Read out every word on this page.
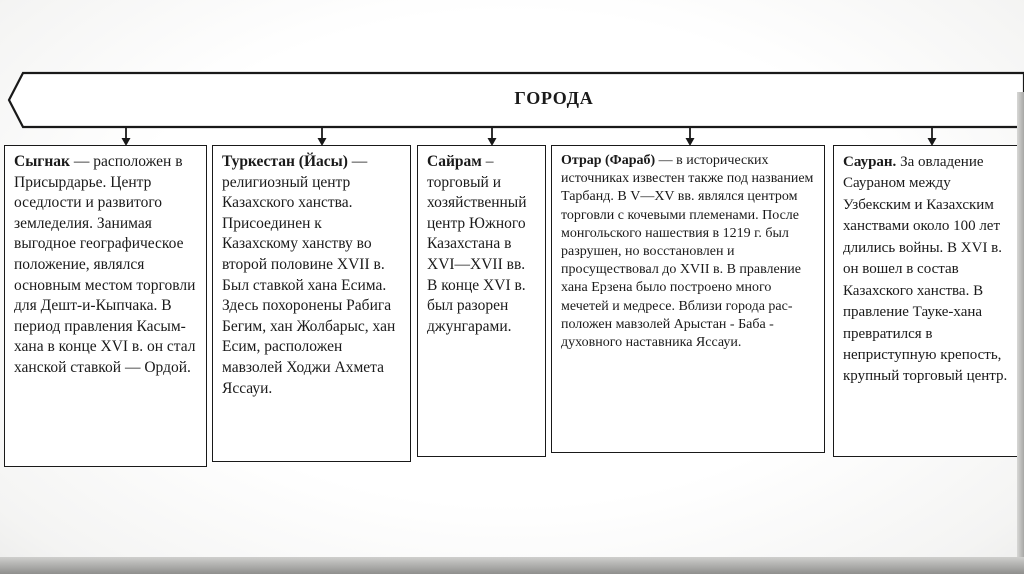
ГОРОДА

Сыгнак — расположен в Присырдарье. Центр оседлости и развитого земледелия. Занимая выгодное географическое положение, являлся основным местом торговли для Дешт-и-Кыпчака. В период правления Касым-хана в конце XVI в. он стал ханской ставкой — Ордой.

Туркестан (Йасы) — религиозный центр Казахского ханства. Присоединен к Казахскому ханству во второй половине XVII в. Был ставкой хана Есима. Здесь похоронены Рабига Бегим, хан Жолбарыс, хан Есим, расположен мавзолей Ходжи Ахмета Яссауи.

Сайрам – торговый и хозяйственный центр Южного Казахстана в XVI—XVII вв. В конце XVI в. был разорен джунгарами.

Отрар (Фараб) — в исторических источниках известен также под названием Тарбанд. В V—XV вв. являлся центром торговли с кочевыми племенами. После монгольского нашествия в 1219 г. был разрушен, но восстановлен и просуществовал до XVII в. В правление хана Ерзена было построено много мечетей и медресе. Вблизи города рас-положен мавзолей Арыстан - Баба - духовного наставника Яссауи.

Сауран. За овладение Саураном между Узбекским и Казахским ханствами около 100 лет длились войны. В XVI в. он вошел в состав Казахского ханства. В правление Тауке-хана превратился в неприступную крепость, крупный торговый центр.
